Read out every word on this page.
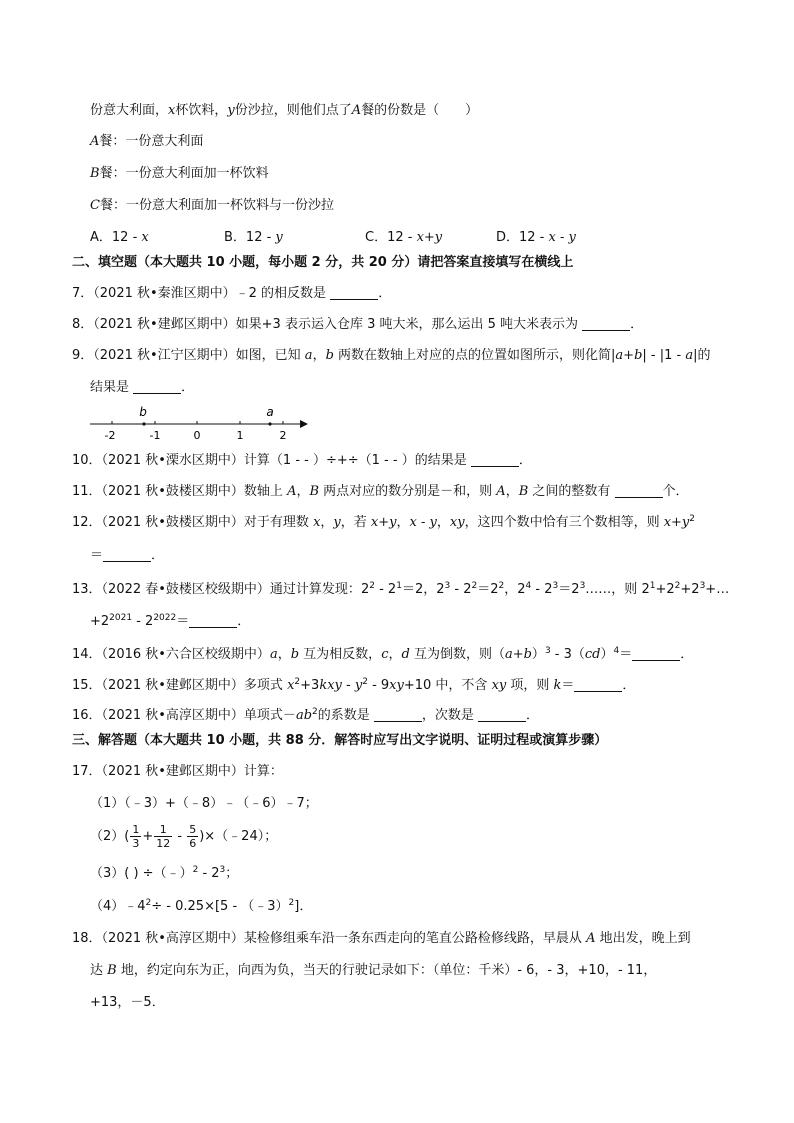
份意大利面，x杯饮料，y份沙拉，则他们点了A餐的份数是（　　）
A餐：一份意大利面
B餐：一份意大利面加一杯饮料
C餐：一份意大利面加一杯饮料与一份沙拉
A．12 - x	B．12 - y	C．12 - x+y	D．12 - x - y
二、填空题（本大题共 10 小题，每小题 2 分，共 20 分）请把答案直接填写在横线上
7．（2021 秋•秦淮区期中）﹣2 的相反数是	．
8．（2021 秋•建邺区期中）如果+3 表示运入仓库 3 吨大米，那么运出 5 吨大米表示为	．
9．（2021 秋•江宁区期中）如图，已知 a，b 两数在数轴上对应的点的位置如图所示，则化简|a+b| - |1 - a|的
结果是	．
b	a
-2	-1	0	1	2
10．（2021 秋•溧水区期中）计算（1 - - ）÷+÷（1 - - ）的结果是	．
11．（2021 秋•鼓楼区期中）数轴上 A，B 两点对应的数分别是－和，则 A，B 之间的整数有	个．
12．（2021 秋•鼓楼区期中）对于有理数 x，y，若 x+y，x - y，xy，这四个数中恰有三个数相等，则 $x+y^2$
＝	．
13．（2022 春•鼓楼区校级期中）通过计算发现：$2^2 - 2^1=2$，$2^3 - 2^2=2^2$，$2^4$ - $2^3=2^3\dots\dots$，则 $2^1+2^2+2^3+\dots$
$+2^{2021} - 2^{2022}=$	．
14．（2016 秋•六合区校级期中）a，b 互为相反数，c，d 互为倒数，则$(a+b)^3 - 3(cd)^4=$	．
15．（2021 秋•建邺区期中）多项式 $x^2+3kxy - y^2 - 9xy+10$ 中，不含 xy 项，则 k＝	．
16．（2021 秋•高淳区期中）单项式$-ab^2$的系数是	，次数是	．
三、解答题（本大题共 10 小题，共 88 分．解答时应写出文字说明、证明过程或演算步骤）
17．（2021 秋•建邺区期中）计算：
（1）（﹣3）+（﹣8）﹣（﹣6）﹣7；
$(2)( \frac{1}{3} + \frac{1}{12} - \frac{5}{6}$ )×（﹣24）；
（3）( ) ÷（﹣）$^2$ - $2^3$；
$(4)﹣4^2\div - 0.25\times[5$ - （﹣3）$^2$]．
18．（2021 秋•高淳区期中）某检修组乘车沿一条东西走向的笔直公路检修线路，早晨从 A 地出发，晚上到
达 B 地，约定向东为正，向西为负，当天的行驶记录如下：（单位：千米）- 6，- 3，+10，- 11，
+13，－5．
